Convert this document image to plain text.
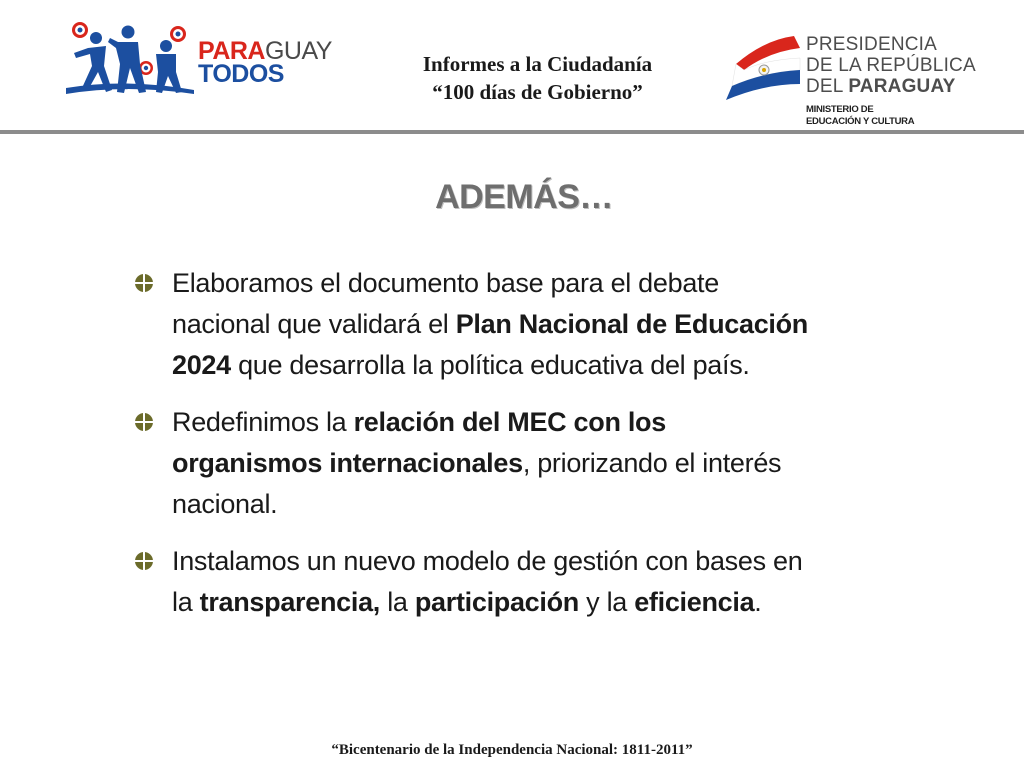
PARAGUAY
TODOS	Informes a la Ciudadanía
“100 días de Gobierno”
PRESIDENCIA
DE LA REPÚBLICA
DEL PARAGUAY
MINISTERIO DE
EDUCACIÓN Y CULTURA
ADEMÁS…
Elaboramos el documento base para el debate nacional que validará el Plan Nacional de Educación 2024 que desarrolla la política educativa del país.
Redefinimos la relación del MEC con los organismos internacionales, priorizando el interés nacional.
Instalamos un nuevo modelo de gestión con bases en la transparencia, la participación y la eficiencia.
“Bicentenario de la Independencia Nacional: 1811-2011”
